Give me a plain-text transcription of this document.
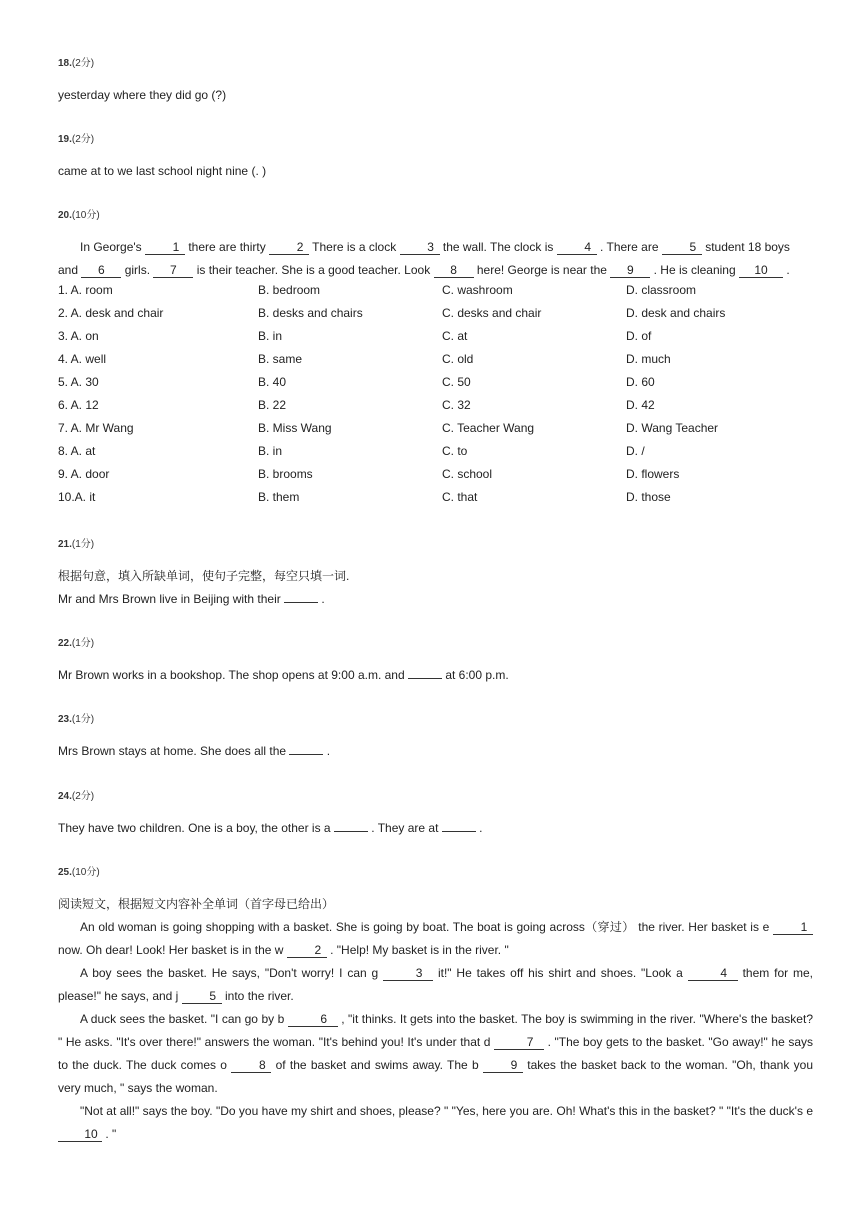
18.(2分)
yesterday where they did go (?)
19.(2分)
came at to we last school night nine (. )
20.(10分)
In George's 1 there are thirty 2 There is a clock 3 the wall. The clock is 4 . There are 5 student 18 boys
and 6 girls. 7 is their teacher. She is a good teacher. Look 8 here! George is near the 9 . He is cleaning 10 .
1. A. room	B. bedroom	C. washroom	D. classroom
2. A. desk and chair	B. desks and chairs	C. desks and chair	D. desk and chairs
3. A. on	B. in	C. at	D. of
4. A. well	B. same	C. old	D. much
5. A. 30	B. 40	C. 50	D. 60
6. A. 12	B. 22	C. 32	D. 42
7. A. Mr Wang	B. Miss Wang	C. Teacher Wang	D. Wang Teacher
8. A. at	B. in	C. to	D. /
9. A. door	B. brooms	C. school	D. flowers
10.A. it	B. them	C. that	D. those
21.(1分)
根据句意，填入所缺单词，使句子完整，每空只填一词.
Mr and Mrs Brown live in Beijing with their	.
22.(1分)
Mr Brown works in a bookshop. The shop opens at 9:00 a.m. and	at 6:00 p.m.
23.(1分)
Mrs Brown stays at home. She does all the	.
24.(2分)
They have two children. One is a boy, the other is a	. They are at	.
25.(10分)
阅读短文，根据短文内容补全单词（首字母已给出）
An old woman is going shopping with a basket. She is going by boat. The boat is going across（穿过） the river. Her basket is e 1 now. Oh dear! Look! Her basket is in the w 2 . "Help! My basket is in the river. "
A boy sees the basket. He says, "Don't worry! I can g	3 it!" He takes off his shirt and shoes. "Look a	4 them for me, please!" he says, and j 5 into the river.
A duck sees the basket. "I can go by b	6 , "it thinks. It gets into the basket. The boy is swimming in the river. "Where's the basket? " He asks. "It's over there!" answers the woman. "It's behind you! It's under that d	7 . "The boy gets to the basket. "Go away!" he says to the duck. The duck comes o 8 of the basket and swims away. The b 9 takes the basket back to the woman. "Oh, thank you very much, " says the woman.
"Not at all!" says the boy. "Do you have my shirt and shoes, please? " "Yes, here you are. Oh! What's this in the basket? " "It's the duck's e 10 . "
